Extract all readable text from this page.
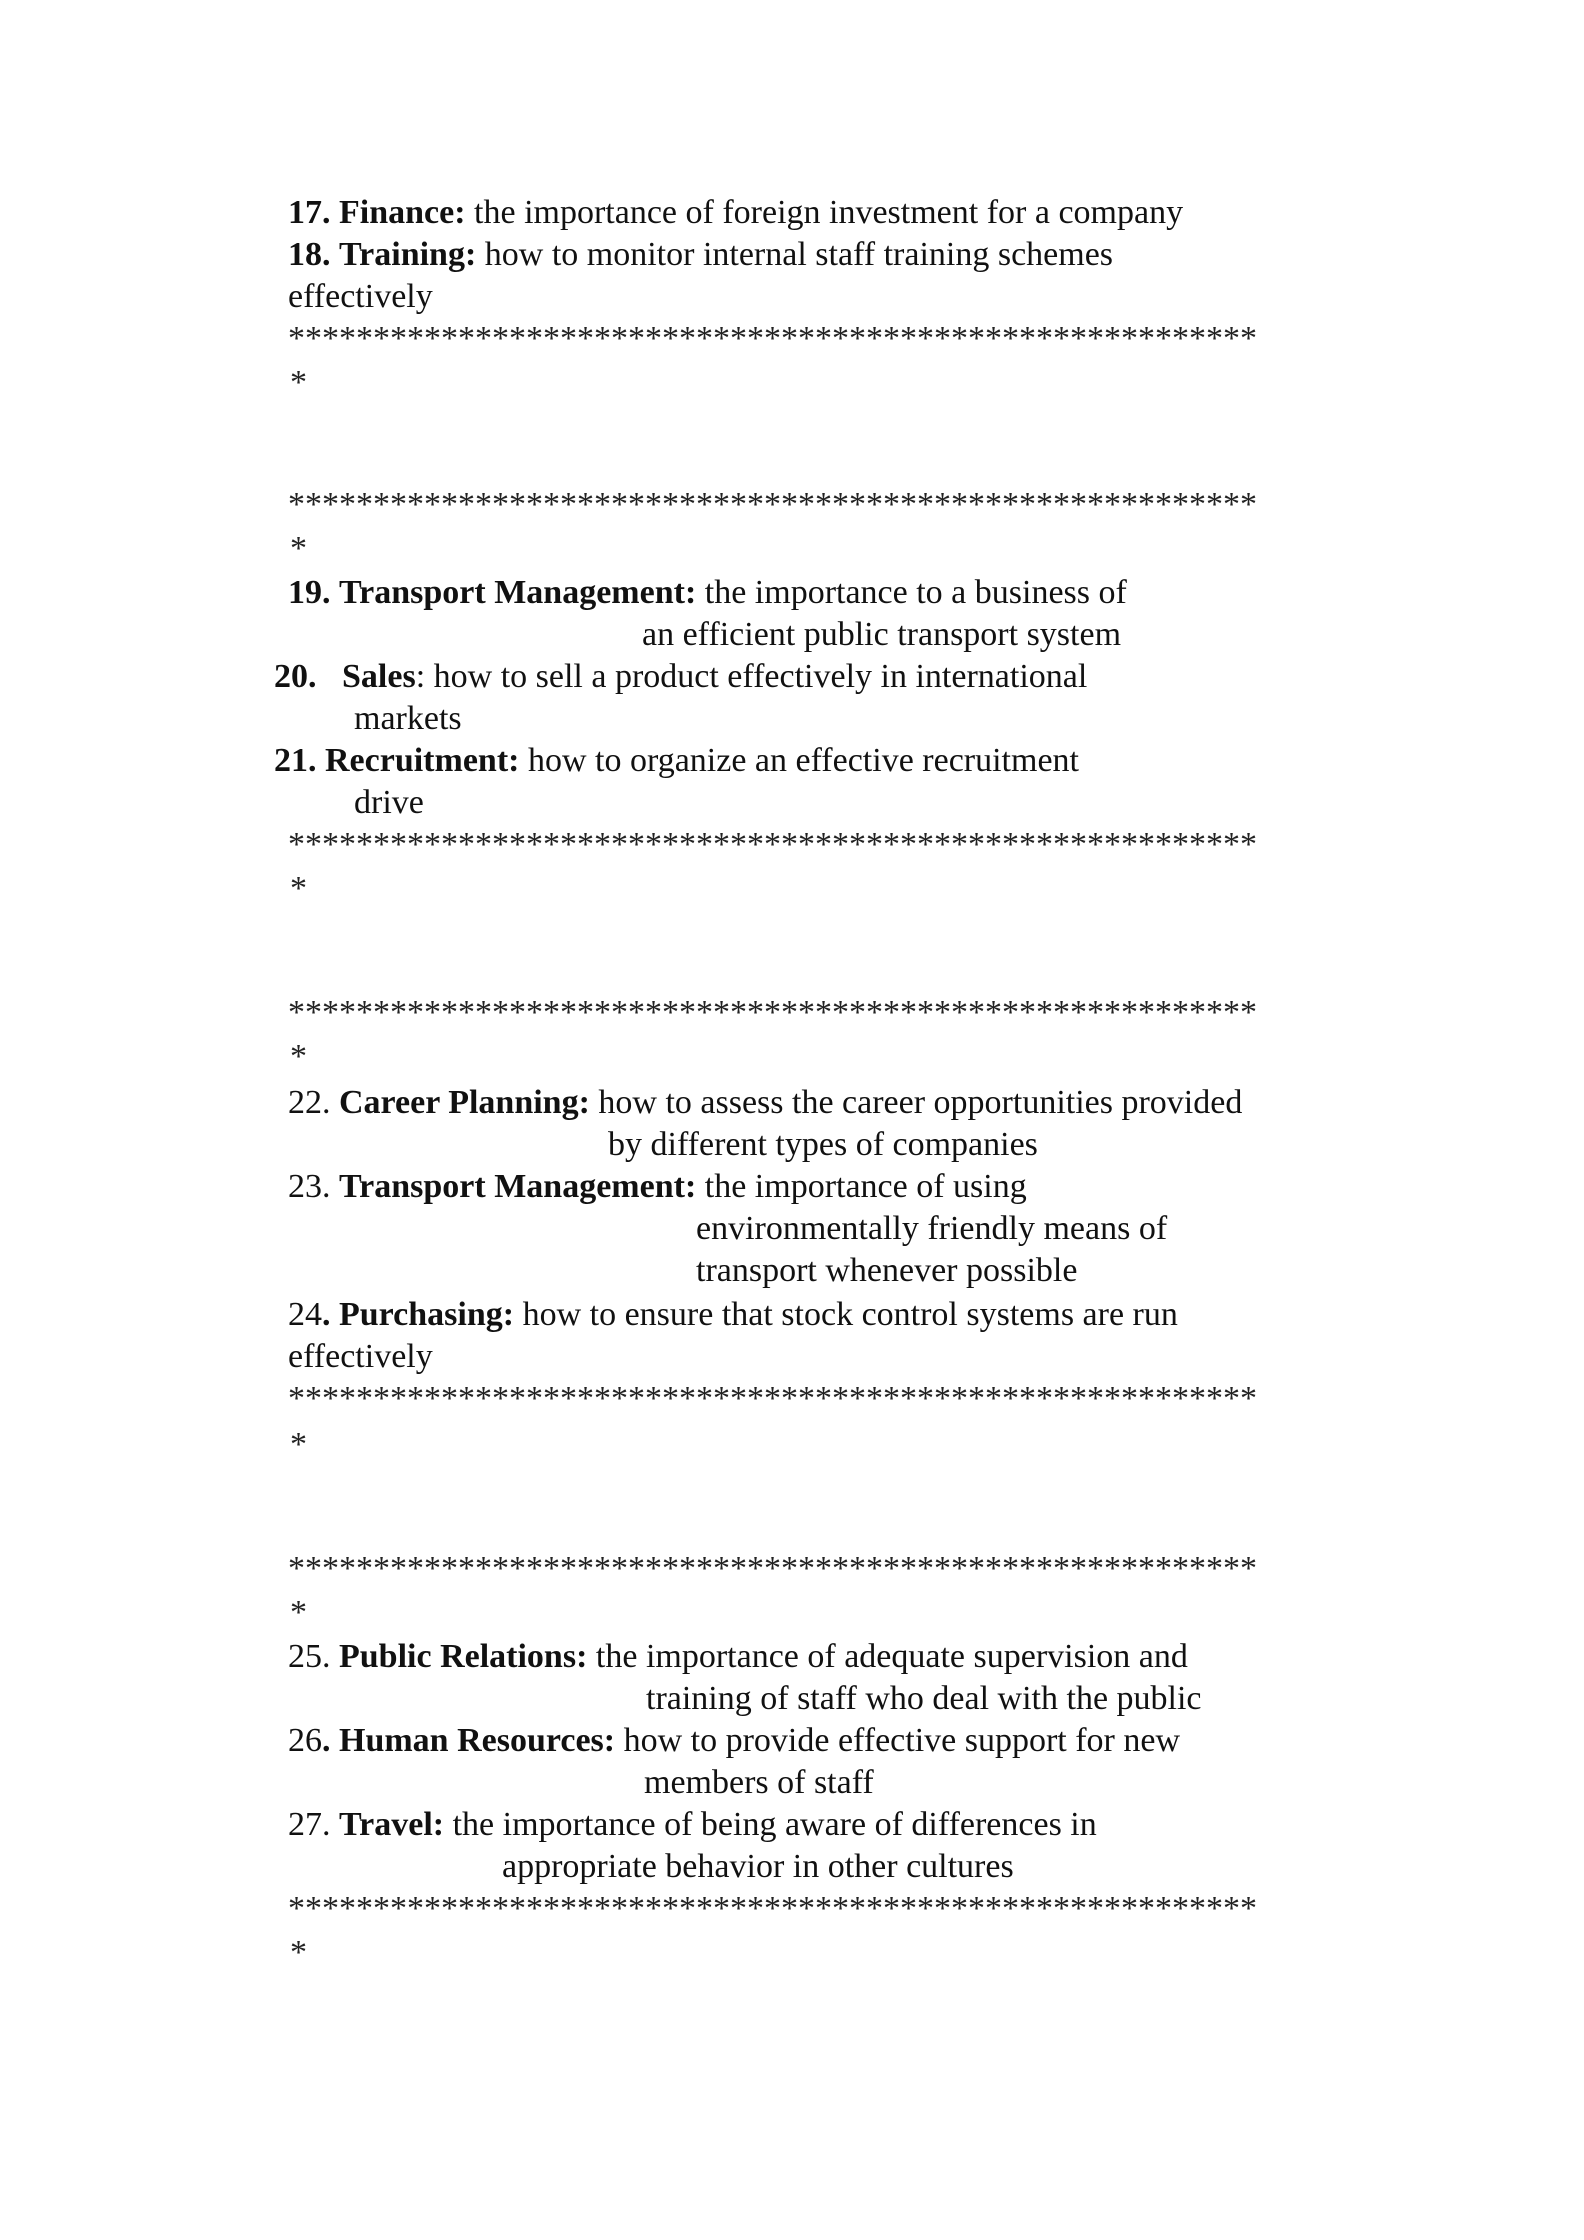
17. Finance: the importance of foreign investment for a company
18. Training: how to monitor internal staff training schemes
effectively
*********************************************************
*
*********************************************************
*
19. Transport Management: the importance to a business of
an efficient public transport system
20. Sales: how to sell a product effectively in international
markets
21. Recruitment: how to organize an effective recruitment
drive
*********************************************************
*
*********************************************************
*
22. Career Planning: how to assess the career opportunities provided
by different types of companies
23. Transport Management: the importance of using
environmentally friendly means of
transport whenever possible
24. Purchasing: how to ensure that stock control systems are run
effectively
*********************************************************
*
*********************************************************
*
25. Public Relations: the importance of adequate supervision and
training of staff who deal with the public
26. Human Resources: how to provide effective support for new
members of staff
27. Travel: the importance of being aware of differences in
appropriate behavior in other cultures
*********************************************************
*
